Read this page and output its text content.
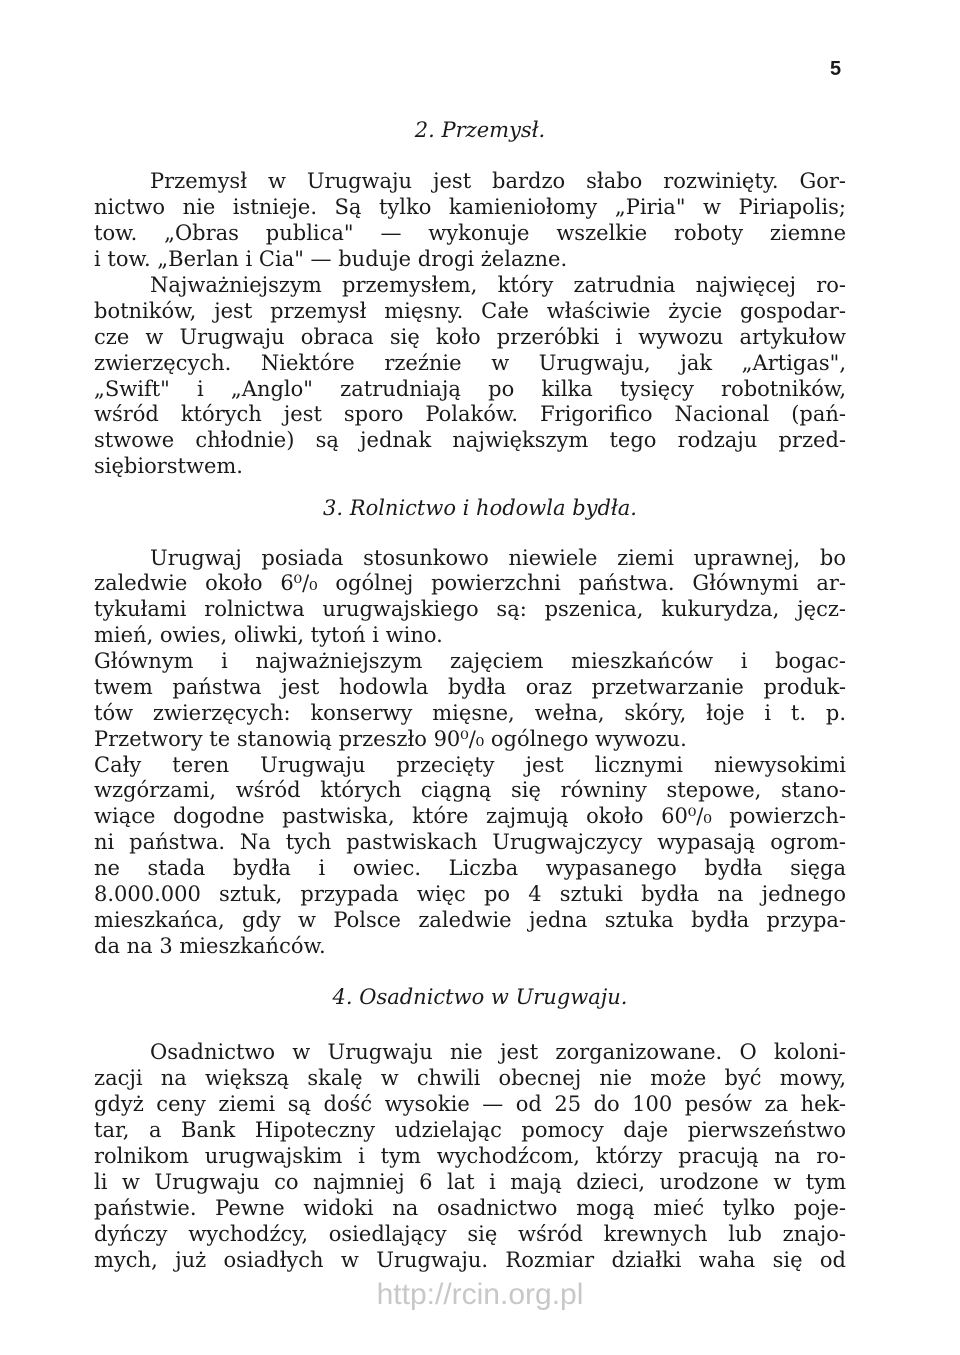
5
2. Przemysł.
Przemysł w Urugwaju jest bardzo słabo rozwinięty. Gor-
nictwo nie istnieje. Są tylko kamieniołomy „Piria" w Piriapolis;
tow. „Obras publica" — wykonuje wszelkie roboty ziemne
i tow. „Berlan i Cia" — buduje drogi żelazne.
Najważniejszym przemysłem, który zatrudnia najwięcej ro-
botników, jest przemysł mięsny. Całe właściwie życie gospodar-
cze w Urugwaju obraca się koło przeróbki i wywozu artykułow
zwierzęcych. Niektóre rzeźnie w Urugwaju, jak „Artigas",
„Swift" i „Anglo" zatrudniają po kilka tysięcy robotników,
wśród których jest sporo Polaków. Frigorifico Nacional (pań-
stwowe chłodnie) są jednak największym tego rodzaju przed-
siębiorstwem.
3. Rolnictwo i hodowla bydła.
Urugwaj posiada stosunkowo niewiele ziemi uprawnej, bo
zaledwie około 6⁰/₀ ogólnej powierzchni państwa. Głównymi ar-
tykułami rolnictwa urugwajskiego są: pszenica, kukurydza, jęcz-
mień, owies, oliwki, tytoń i wino.
Głównym i najważniejszym zajęciem mieszkańców i bogac-
twem państwa jest hodowla bydła oraz przetwarzanie produk-
tów zwierzęcych: konserwy mięsne, wełna, skóry, łoje i t. p.
Przetwory te stanowią przeszło 90⁰/₀ ogólnego wywozu.
Cały teren Urugwaju przecięty jest licznymi niewysokimi
wzgórzami, wśród których ciągną się równiny stepowe, stano-
wiące dogodne pastwiska, które zajmują około 60⁰/₀ powierzch-
ni państwa. Na tych pastwiskach Urugwajczycy wypasają ogrom-
ne stada bydła i owiec. Liczba wypasanego bydła sięga
8.000.000 sztuk, przypada więc po 4 sztuki bydła na jednego
mieszkańca, gdy w Polsce zaledwie jedna sztuka bydła przypa-
da na 3 mieszkańców.
4. Osadnictwo w Urugwaju.
Osadnictwo w Urugwaju nie jest zorganizowane. O koloni-
zacji na większą skalę w chwili obecnej nie może być mowy,
gdyż ceny ziemi są dość wysokie — od 25 do 100 pesów za hek-
tar, a Bank Hipoteczny udzielając pomocy daje pierwszeństwo
rolnikom urugwajskim i tym wychodźcom, którzy pracują na ro-
li w Urugwaju co najmniej 6 lat i mają dzieci, urodzone w tym
państwie. Pewne widoki na osadnictwo mogą mieć tylko poje-
dyńczy wychodźcy, osiedlający się wśród krewnych lub znajo-
mych, już osiadłych w Urugwaju. Rozmiar działki waha się od
http://rcin.org.pl
